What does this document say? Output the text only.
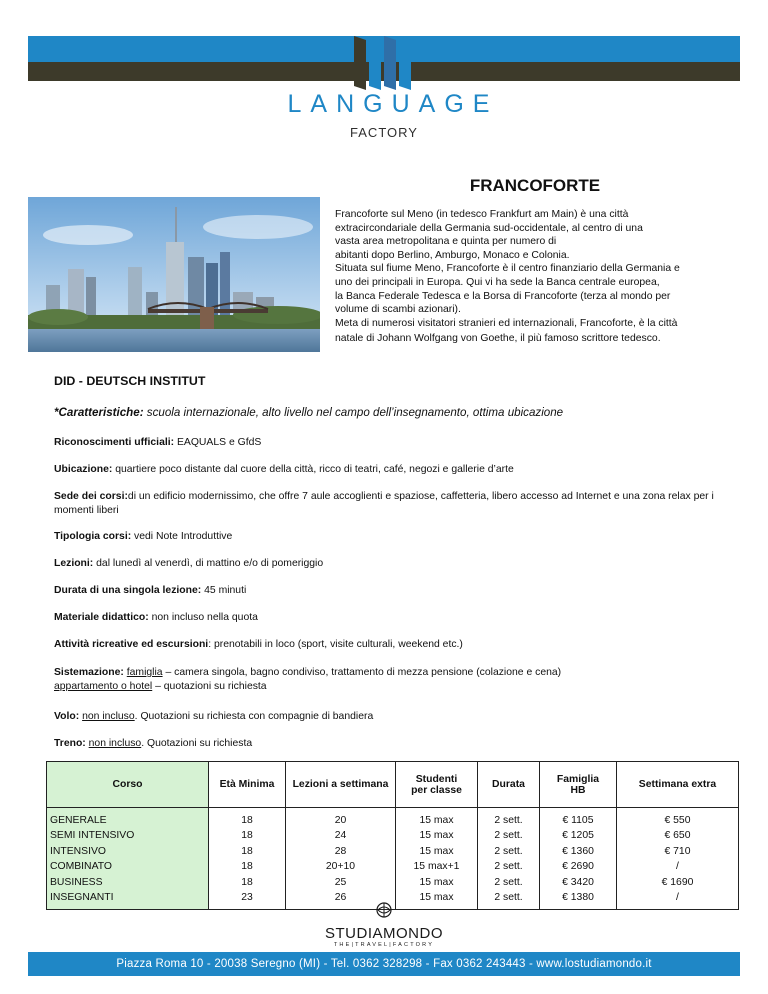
LANGUAGE
FACTORY
FRANCOFORTE

Francoforte sul Meno (in tedesco Frankfurt am Main) è una città

extracircondariale della Germania sud-occidentale, al centro di una

vasta area metropolitana e quinta per numero di

abitanti dopo Berlino, Amburgo, Monaco e Colonia.

Situata sul fiume Meno, Francoforte è il centro finanziario della Germania e

uno dei principali in Europa. Qui vi ha sede la Banca centrale europea,

la Banca Federale Tedesca e la Borsa di Francoforte (terza al mondo per

volume di scambi azionari).

Meta di numerosi visitatori stranieri ed internazionali, Francoforte, è la città

natale di Johann Wolfgang von Goethe, il più famoso scrittore tedesco.

DID - DEUTSCH INSTITUT
*Caratteristiche: scuola internazionale, alto livello nel campo dell’insegnamento, ottima ubicazione
Riconoscimenti ufficiali: EAQUALS e GfdS
Ubicazione: quartiere poco distante dal cuore della città, ricco di teatri, café, negozi e gallerie d’arte
Sede dei corsi:di un edificio modernissimo, che offre 7 aule accoglienti e spaziose, caffetteria, libero accesso ad Internet e una zona relax per i momenti liberi
Tipologia corsi: vedi Note Introduttive
Lezioni: dal lunedì al venerdì, di mattino e/o di pomeriggio
Durata di una singola lezione: 45 minuti
Materiale didattico: non incluso nella quota
Attività ricreative ed escursioni: prenotabili in loco (sport, visite culturali, weekend etc.)
Sistemazione: famiglia – camera singola, bagno condiviso, trattamento di mezza pensione (colazione e cena)
appartamento o hotel – quotazioni su richiesta
Volo: non incluso. Quotazioni su richiesta con compagnie di bandiera
Treno: non incluso. Quotazioni su richiesta
Corso	Età Minima	Lezioni a settimana	Studenti
per classe	Durata	Famiglia
HB	Settimana extra
GENERALE	18	20	15 max	2 sett.	€ 1105	€ 550
SEMI INTENSIVO	18	24	15 max	2 sett.	€ 1205	€ 650
INTENSIVO	18	28	15 max	2 sett.	€ 1360	€ 710
COMBINATO	18	20+10	15 max+1	2 sett.	€ 2690	/
BUSINESS	18	25	15 max	2 sett.	€ 3420	€ 1690
INSEGNANTI	23	26	15 max	2 sett.	€ 1380	/
STUDIAMONDO
THE|TRAVEL|FACTORY
Piazza Roma 10 - 20038 Seregno (MI) - Tel. 0362 328298 - Fax 0362 243443 - www.lostudiamondo.it
